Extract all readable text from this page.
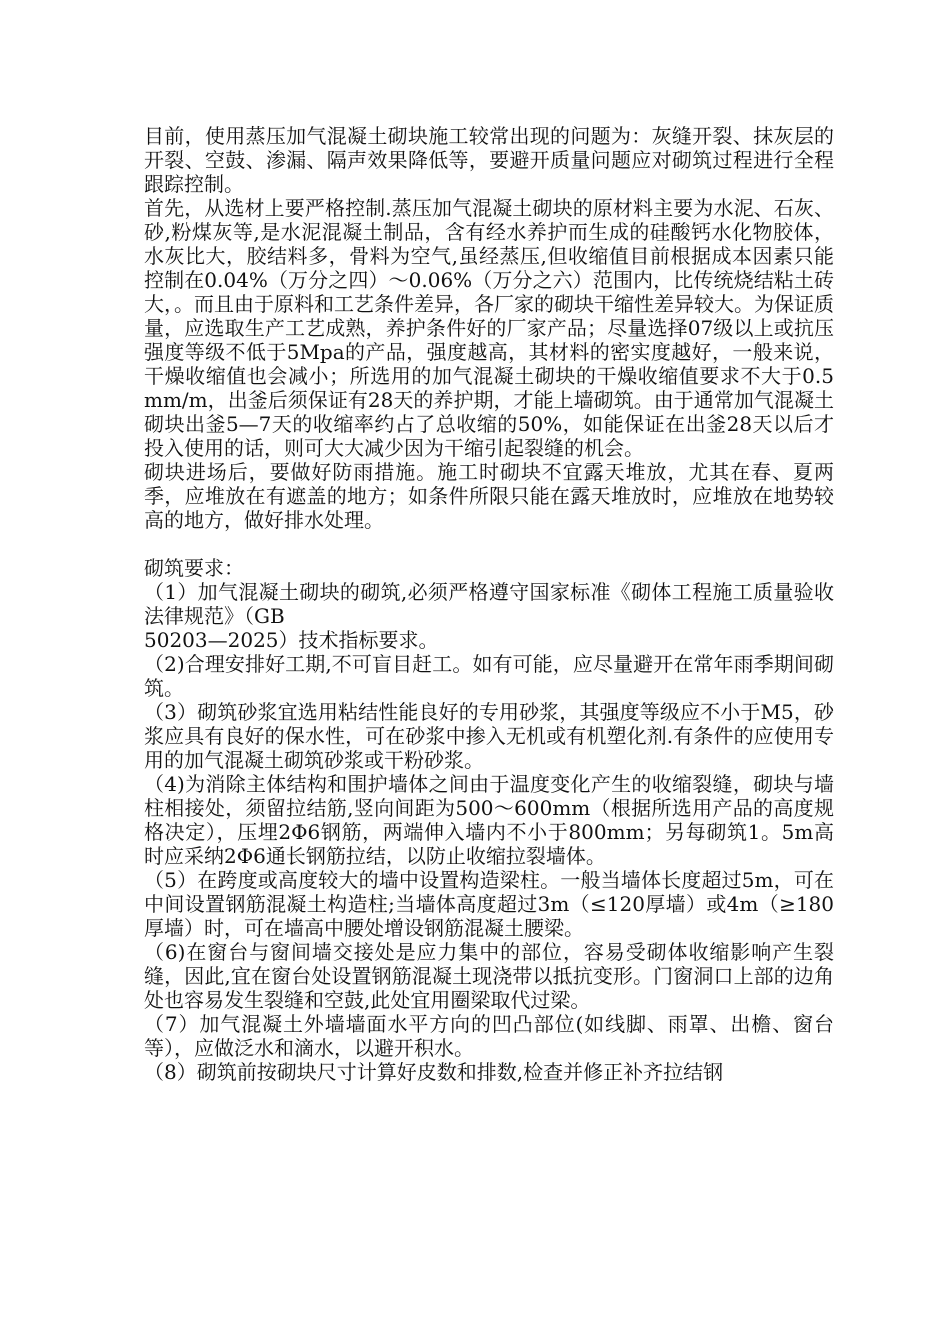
目前，使用蒸压加气混凝土砌块施工较常出现的问题为：灰缝开裂、抹灰层的开裂、空鼓、渗漏、隔声效果降低等，要避开质量问题应对砌筑过程进行全程跟踪控制。

首先，从选材上要严格控制.蒸压加气混凝土砌块的原材料主要为水泥、石灰、砂,粉煤灰等,是水泥混凝土制品，含有经水养护而生成的硅酸钙水化物胶体，水灰比大，胶结料多，骨料为空气,虽经蒸压,但收缩值目前根据成本因素只能控制在0.04%（万分之四）～0.06%（万分之六）范围内，比传统烧结粘土砖大，。而且由于原料和工艺条件差异，各厂家的砌块干缩性差异较大。为保证质量，应选取生产工艺成熟，养护条件好的厂家产品；尽量选择07级以上或抗压强度等级不低于5Mpa的产品，强度越高，其材料的密实度越好，一般来说，干燥收缩值也会减小；所选用的加气混凝土砌块的干燥收缩值要求不大于0.5mm/m，出釜后须保证有28天的养护期，才能上墙砌筑。由于通常加气混凝土砌块出釜5—7天的收缩率约占了总收缩的50%，如能保证在出釜28天以后才投入使用的话，则可大大减少因为干缩引起裂缝的机会。

砌块进场后，要做好防雨措施。施工时砌块不宜露天堆放，尤其在春、夏两季，应堆放在有遮盖的地方；如条件所限只能在露天堆放时，应堆放在地势较高的地方，做好排水处理。

砌筑要求：

（1）加气混凝土砌块的砌筑,必须严格遵守国家标准《砌体工程施工质量验收法律规范》（GB

50203—2025）技术指标要求。

（2)合理安排好工期,不可盲目赶工。如有可能，应尽量避开在常年雨季期间砌筑。

（3）砌筑砂浆宜选用粘结性能良好的专用砂浆，其强度等级应不小于M5，砂浆应具有良好的保水性，可在砂浆中掺入无机或有机塑化剂.有条件的应使用专用的加气混凝土砌筑砂浆或干粉砂浆。

（4)为消除主体结构和围护墙体之间由于温度变化产生的收缩裂缝，砌块与墙柱相接处，须留拉结筋,竖向间距为500～600mm（根据所选用产品的高度规格决定），压埋2Φ6钢筋，两端伸入墙内不小于800mm；另每砌筑1。5m高时应采纳2Φ6通长钢筋拉结，以防止收缩拉裂墙体。

（5）在跨度或高度较大的墙中设置构造梁柱。一般当墙体长度超过5m，可在中间设置钢筋混凝土构造柱;当墙体高度超过3m（≤120厚墙）或4m（≥180厚墙）时，可在墙高中腰处增设钢筋混凝土腰梁。

（6)在窗台与窗间墙交接处是应力集中的部位，容易受砌体收缩影响产生裂缝，因此,宜在窗台处设置钢筋混凝土现浇带以抵抗变形。门窗洞口上部的边角处也容易发生裂缝和空鼓,此处宜用圈梁取代过梁。

（7）加气混凝土外墙墙面水平方向的凹凸部位(如线脚、雨罩、出檐、窗台等），应做泛水和滴水，以避开积水。

（8）砌筑前按砌块尺寸计算好皮数和排数,检查并修正补齐拉结钢
